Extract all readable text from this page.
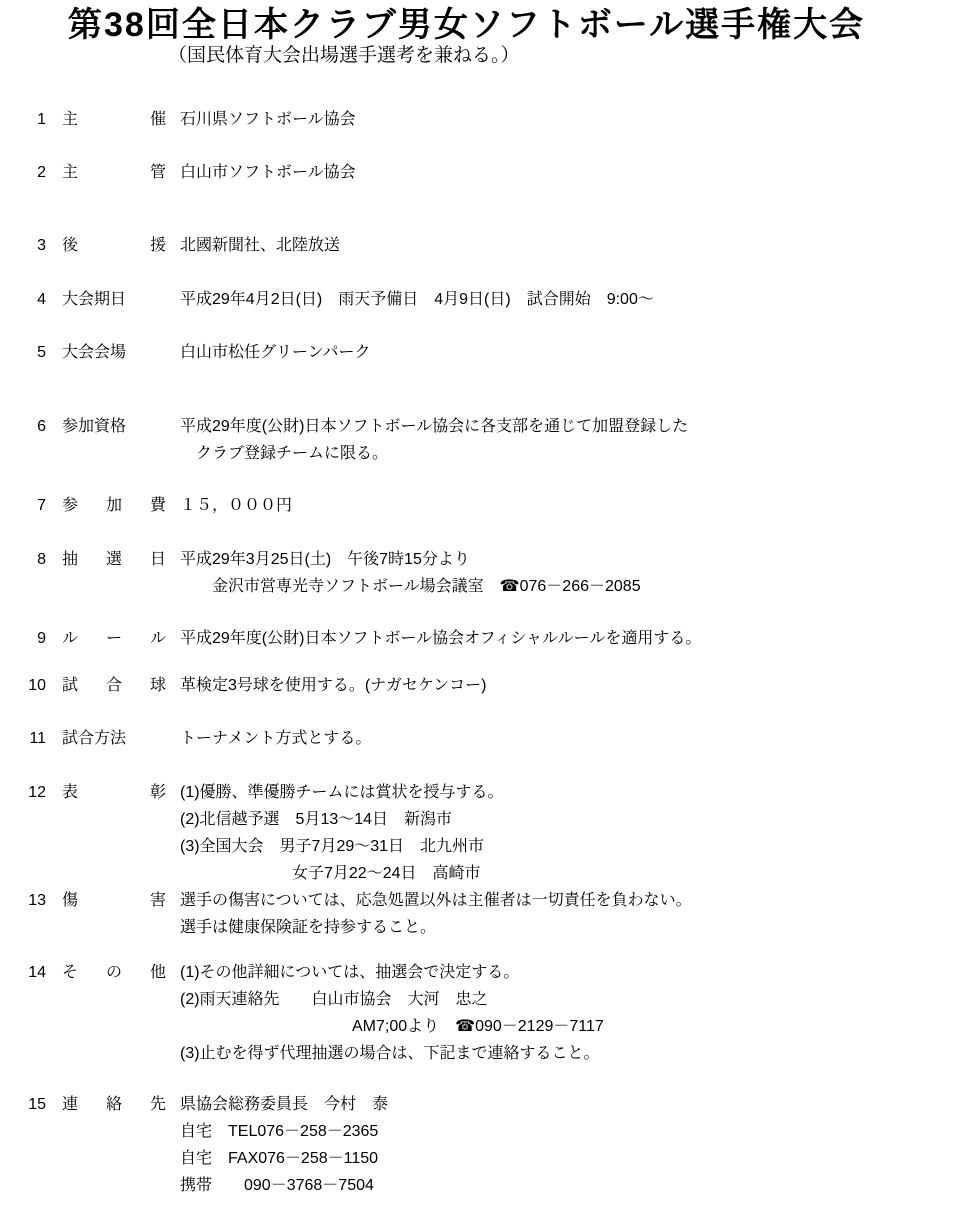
第38回全日本クラブ男女ソフトボール選手権大会
（国民体育大会出場選手選考を兼ねる。）
1 主催 石川県ソフトボール協会
2 主管 白山市ソフトボール協会
3 後援 北國新聞社、北陸放送
4 大会期日	平成29年4月2日(日)　雨天予備日　4月9日(日)　試合開始　9:00～
5 大会会場	白山市松任グリーンパーク
6 参加資格	平成29年度(公財)日本ソフトボール協会に各支部を通じて加盟登録した
クラブ登録チームに限る。
7 参加費 １５，０００円
8 抽選日 平成29年3月25日(土)　午後7時15分より
金沢市営専光寺ソフトボール場会議室　☎076－266－2085
9 ルール 平成29年度(公財)日本ソフトボール協会オフィシャルルールを適用する。
10 試合球 革検定3号球を使用する。(ナガセケンコー)
11 試合方法	トーナメント方式とする。
12 表彰 (1)優勝、準優勝チームには賞状を授与する。
(2)北信越予選　5月13～14日　新潟市
(3)全国大会　男子7月29～31日　北九州市
女子7月22～24日　高崎市
13 傷害 選手の傷害については、応急処置以外は主催者は一切責任を負わない。
選手は健康保険証を持参すること。
14 その他 (1)その他詳細については、抽選会で決定する。
(2)雨天連絡先　　白山市協会　大河　忠之
AM7;00より　☎090－2129－7117
(3)止むを得ず代理抽選の場合は、下記まで連絡すること。
15 連絡先 県協会総務委員長　今村　泰
自宅　TEL076－258－2365
自宅　FAX076－258－1150
携帯　　090－3768－7504
